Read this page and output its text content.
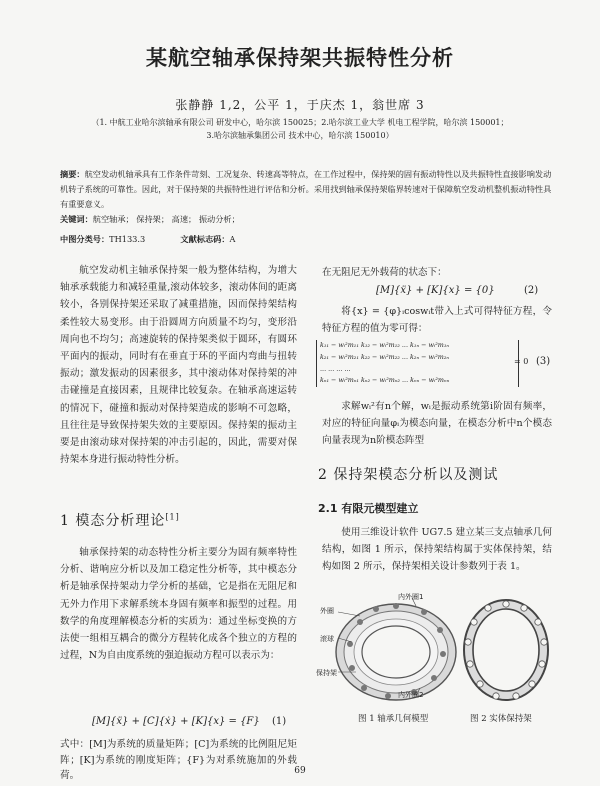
某航空轴承保持架共振特性分析
张静静 1,2，公平 1，于庆杰 1，翁世席 3
（1. 中航工业哈尔滨轴承有限公司 研发中心，哈尔滨 150025；2.哈尔滨工业大学 机电工程学院，哈尔滨 150001；
3.哈尔滨轴承集团公司 技术中心，哈尔滨 150010）
摘要：航空发动机轴承具有工作条件苛刻、工况复杂、转速高等特点，在工作过程中，保持架的固有振动特性以及共振特性直接影响发动机转子系统的可靠性。因此，对于保持架的共振特性进行评估和分析。采用找到轴承保持架临界转速对于保障航空发动机整机振动特性具有重要意义。
关键词：航空轴承； 保持架； 高速； 振动分析；
中图分类号：TH133.3	文献标志码：A
航空发动机主轴承保持架一般为整体结构，为增大轴承承载能力和减轻重量,滚动体较多，滚动体间的距离较小，各别保持架还采取了减重措施，因而保持架结构柔性较大易变形。由于沿圆周方向质量不均匀，变形沿周向也不均匀；高速旋转的保持架类似于圆环，有圆环平面内的振动，同时有在垂直于环的平面内弯曲与扭转振动；激发振动的因素很多，其中滚动体对保持架的冲击碰撞是直接因素，且规律比较复杂。在轴承高速运转的情况下，碰撞和振动对保持架造成的影响不可忽略，且往往是导致保持架失效的主要原因。保持架的振动主要是由滚动球对保持架的冲击引起的，因此，需要对保持架本身进行振动特性分析。
1 模态分析理论[1]
轴承保持架的动态特性分析主要分为固有频率特性分析、谐响应分析以及加工稳定性分析等，其中模态分析是轴承保持架动力学分析的基础，它是指在无阻尼和无外力作用下求解系统本身固有频率和振型的过程。用数学的角度理解模态分析的实质为：通过坐标变换的方法使一组相互耦合的微分方程转化成各个独立的方程的过程，N为自由度系统的强迫振动方程可以表示为：
[M]{ẍ} + [C]{ẋ} + [K]{x} = {F} (1)
式中：[M]为系统的质量矩阵；[C]为系统的比例阻尼矩阵；[K]为系统的刚度矩阵；{F}为对系统施加的外载荷。
在无阻尼无外载荷的状态下：
[M]{ẍ} + [K]{x} = {0}	(2)
将{x} = {φ}ᵢcoswᵢt带入上式可得特征方程，令特征方程的值为零可得：
k₁₁ − wᵢ²m₁₁ k₁₂ − wᵢ²m₁₂ ... k₁ₙ − wᵢ²m₁ₙ
k₂₁ − wᵢ²m₂₁ k₂₂ − wᵢ²m₂₂ ... k₂ₙ − wᵢ²m₂ₙ
... ... ... ...
kₙ₁ − wᵢ²mₙ₁ kₙ₂ − wᵢ²mₙ₂ ... kₙₙ − wᵢ²mₙₙ
= 0 (3)
求解wᵢ²有n个解，wᵢ是振动系统第i阶固有频率，对应的特征向量φᵢ为模态向量，在模态分析中n个模态向量表现为n阶模态阵型
2 保持架模态分析以及测试
2.1 有限元模型建立
使用三维设计软件 UG7.5 建立某三支点轴承几何结构，如图 1 所示，保持架结构属于实体保持架，结构如图 2 所示，保持架相关设计参数列于表 1。
内外圈1
外圈
滚球
保持架
内外圈2
图 1 轴承几何模型	图 2 实体保持架
69
